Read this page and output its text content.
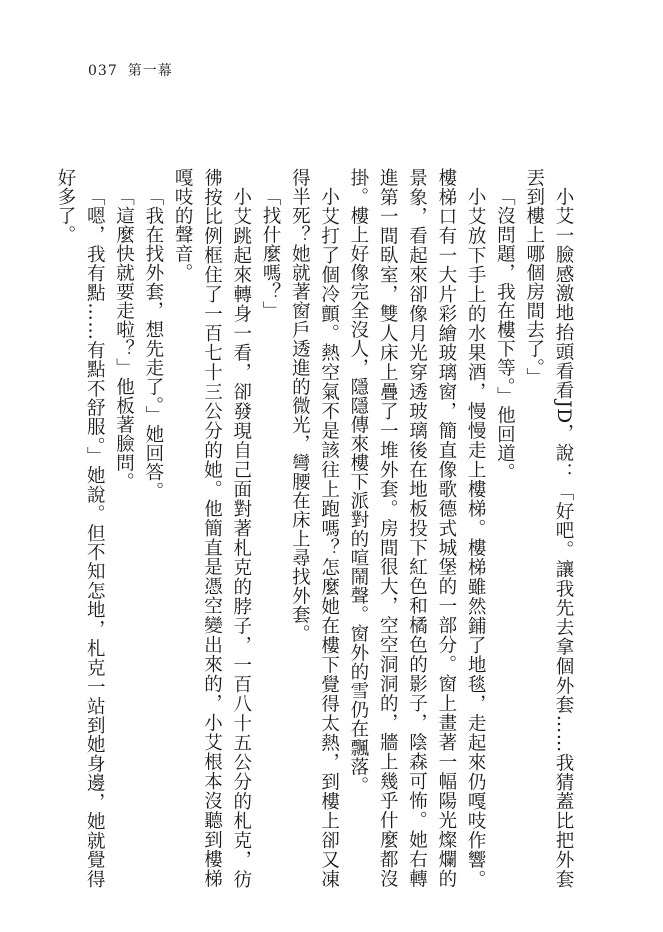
037 第一幕

小艾一臉感激地抬頭看看JD，說：「好吧。讓我先去拿個外套……我猜蓋比把外套丟到樓上哪個房間去了。」

「沒問題，我在樓下等。」他回道。

小艾放下手上的水果酒，慢慢走上樓梯。樓梯雖然鋪了地毯，走起來仍嘎吱作響。樓梯口有一大片彩繪玻璃窗，簡直像歌德式城堡的一部分。窗上畫著一幅陽光燦爛的景象，看起來卻像月光穿透玻璃後在地板投下紅色和橘色的影子，陰森可怖。她右轉進第一間臥室，雙人床上疊了一堆外套。房間很大，空空洞洞的，牆上幾乎什麼都沒掛。樓上好像完全沒人，隱隱傳來樓下派對的喧鬧聲。窗外的雪仍在飄落。

小艾打了個冷顫。熱空氣不是該往上跑嗎？怎麼她在樓下覺得太熱，到樓上卻又凍得半死？她就著窗戶透進的微光，彎腰在床上尋找外套。

「找什麼嗎？」

小艾跳起來轉身一看，卻發現自己面對著札克的脖子，一百八十五公分的札克，彷彿按比例框住了一百七十三公分的她。他簡直是憑空變出來的，小艾根本沒聽到樓梯嘎吱的聲音。

「我在找外套，想先走了。」她回答。

「這麼快就要走啦？」他板著臉問。

「嗯，我有點……有點不舒服。」她說。但不知怎地，札克一站到她身邊，她就覺得好多了。
